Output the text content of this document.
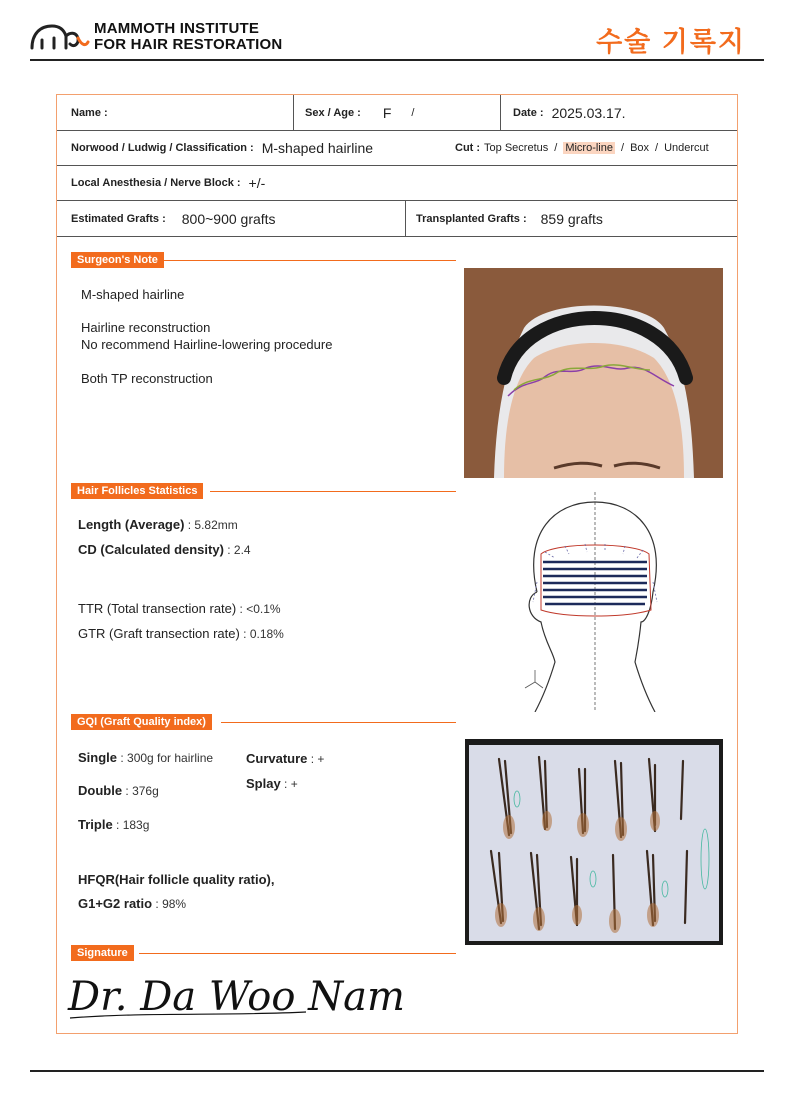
MAMMOTH INSTITUTE
FOR HAIR RESTORATION	수술 기록지
Name :	Sex / Age : F /	Date : 2025.03.17.
Norwood / Ludwig / Classification : M-shaped hairline	Cut : Top Secretus / Micro-line / Box / Undercut
Local Anesthesia / Nerve Block : +/-
Estimated Grafts : 800~900 grafts	Transplanted Grafts : 859 grafts
Surgeon's Note
M-shaped hairline
Hairline reconstruction
No recommend Hairline-lowering procedure
Both TP reconstruction
Hair Follicles Statistics
Length (Average) : 5.82mm
CD (Calculated density) : 2.4
TTR (Total transection rate) : <0.1%
GTR (Graft transection rate) : 0.18%
GQI (Graft Quality index)
Single : 300g for hairline
Double : 376g
Triple : 183g
Curvature : +
Splay : +
HFQR(Hair follicle quality ratio),
G1+G2 ratio : 98%
Signature
Dr. Da Woo Nam
